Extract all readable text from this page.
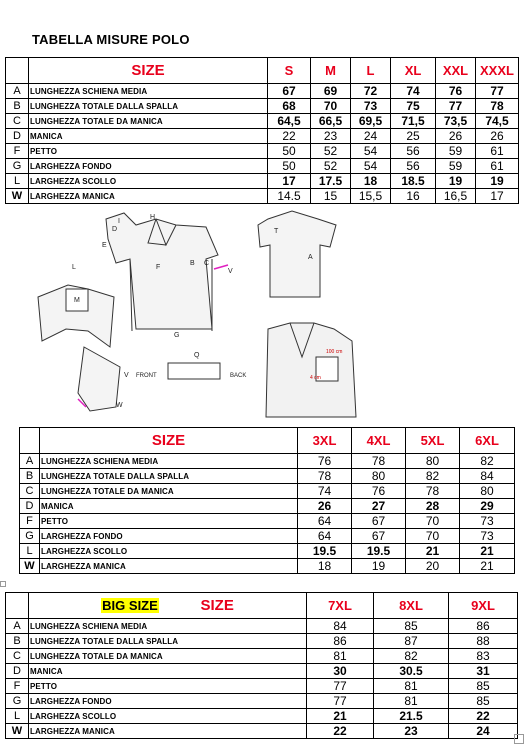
TABELLA MISURE POLO
	SIZE	S	M	L	XL	XXL	XXXL
A	LUNGHEZZA SCHIENA MEDIA	67	69	72	74	76	77
B	LUNGHEZZA TOTALE DALLA SPALLA	68	70	73	75	77	78
C	LUNGHEZZA TOTALE DA MANICA	64,5	66,5	69,5	71,5	73,5	74,5
D	MANICA	22	23	24	25	26	26
F	PETTO	50	52	54	56	59	61
G	LARGHEZZA FONDO	50	52	54	56	59	61
L	LARGHEZZA SCOLLO	17	17.5	18	18.5	19	19
W	LARGHEZZA MANICA	14.5	15	15,5	16	16,5	17
I
H
E
D
F
B C
V
G
T
A
L
M
Q
V
W
FRONT	BACK	4 cm
100 cm
	SIZE	3XL	4XL	5XL	6XL
A	LUNGHEZZA SCHIENA MEDIA	76	78	80	82
B	LUNGHEZZA TOTALE DALLA SPALLA	78	80	82	84
C	LUNGHEZZA TOTALE DA MANICA	74	76	78	80
D	MANICA	26	27	28	29
F	PETTO	64	67	70	73
G	LARGHEZZA FONDO	64	67	70	73
L	LARGHEZZA SCOLLO	19.5	19.5	21	21
W	LARGHEZZA MANICA	18	19	20	21
	BIG SIZE SIZE	7XL	8XL	9XL
A	LUNGHEZZA SCHIENA MEDIA	84	85	86
B	LUNGHEZZA TOTALE DALLA SPALLA	86	87	88
C	LUNGHEZZA TOTALE DA MANICA	81	82	83
D	MANICA	30	30.5	31
F	PETTO	77	81	85
G	LARGHEZZA FONDO	77	81	85
L	LARGHEZZA SCOLLO	21	21.5	22
W	LARGHEZZA MANICA	22	23	24
